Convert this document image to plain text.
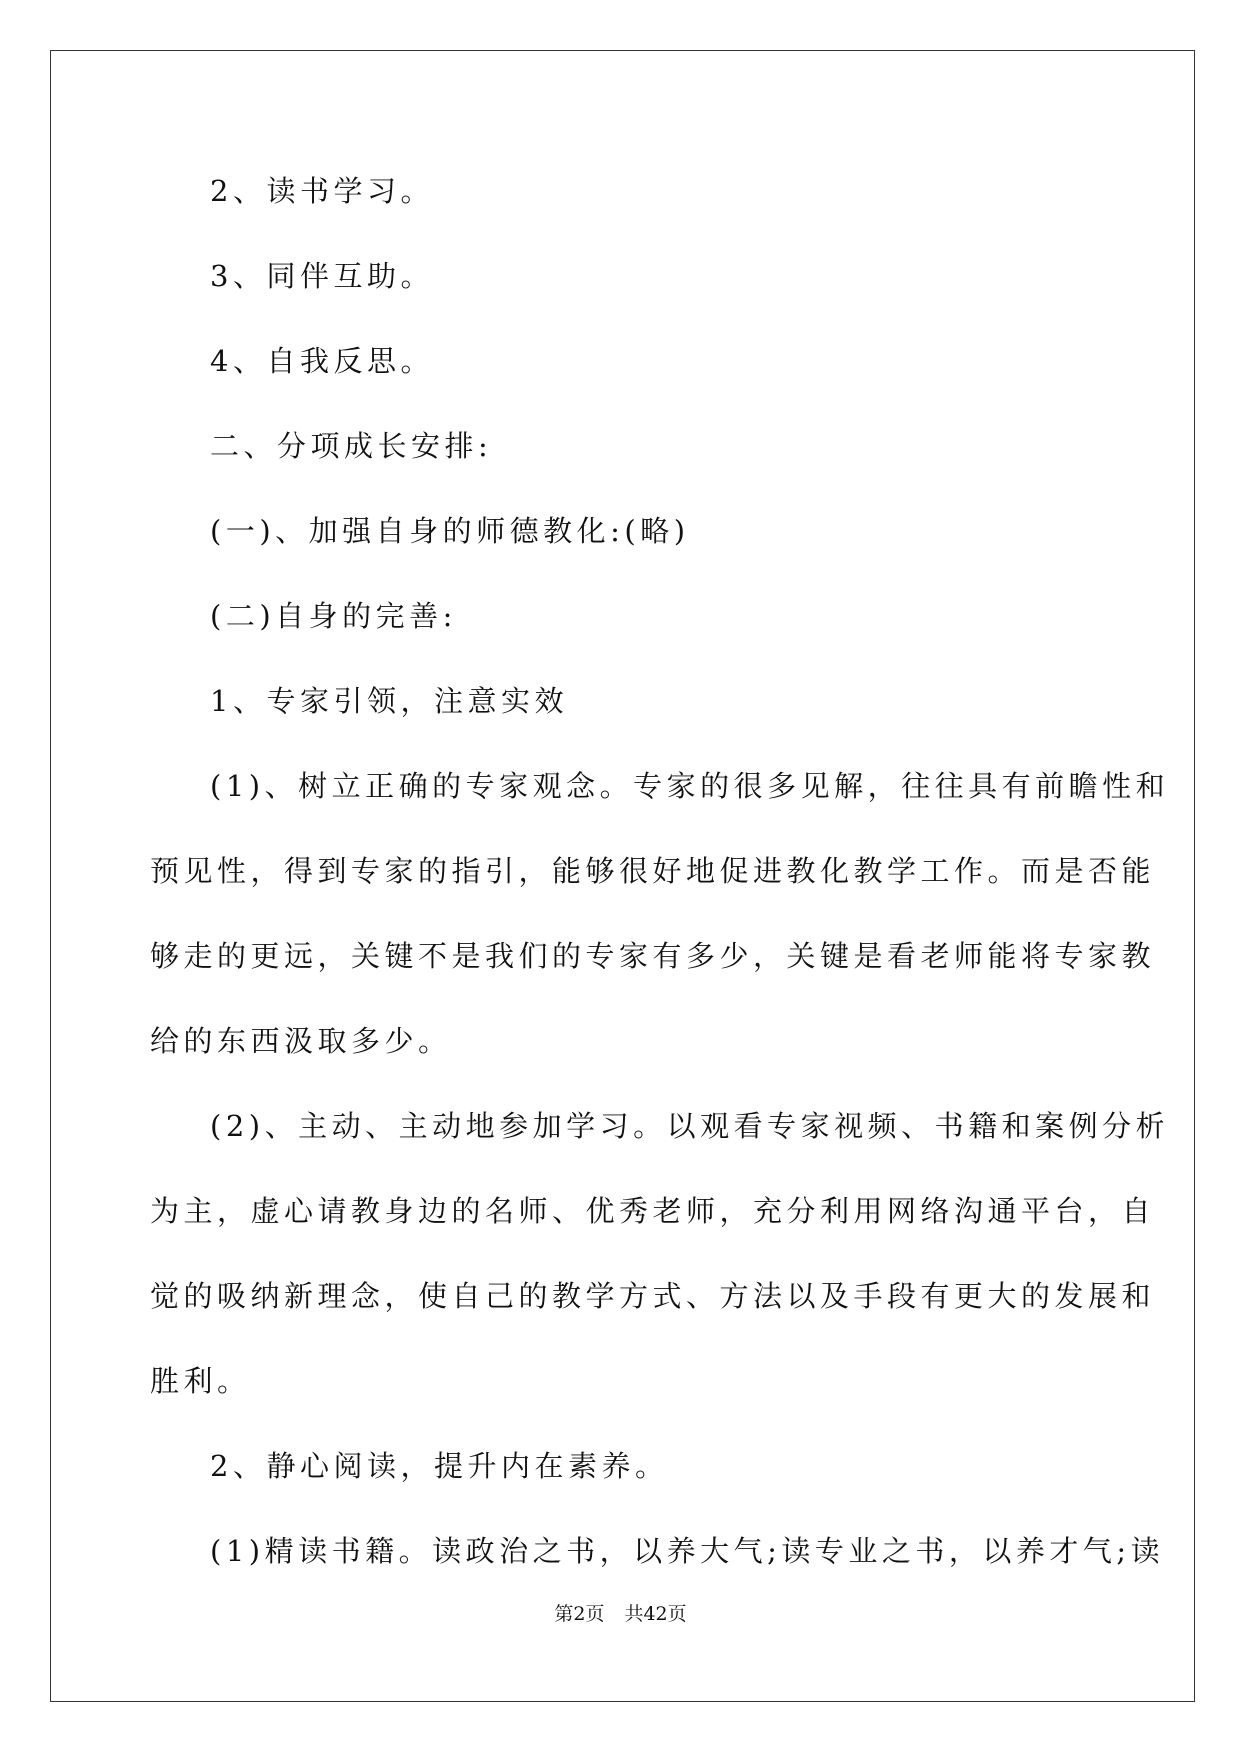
2、读书学习。
3、同伴互助。
4、自我反思。
二、分项成长安排:
(一)、加强自身的师德教化:(略)
(二)自身的完善:
1、专家引领，注意实效
(1)、树立正确的专家观念。专家的很多见解，往往具有前瞻性和
预见性，得到专家的指引，能够很好地促进教化教学工作。而是否能
够走的更远，关键不是我们的专家有多少，关键是看老师能将专家教
给的东西汲取多少。
(2)、主动、主动地参加学习。以观看专家视频、书籍和案例分析
为主，虚心请教身边的名师、优秀老师，充分利用网络沟通平台，自
觉的吸纳新理念，使自己的教学方式、方法以及手段有更大的发展和
胜利。
2、静心阅读，提升内在素养。
(1)精读书籍。读政治之书，以养大气;读专业之书，以养才气;读
第2页 共42页
